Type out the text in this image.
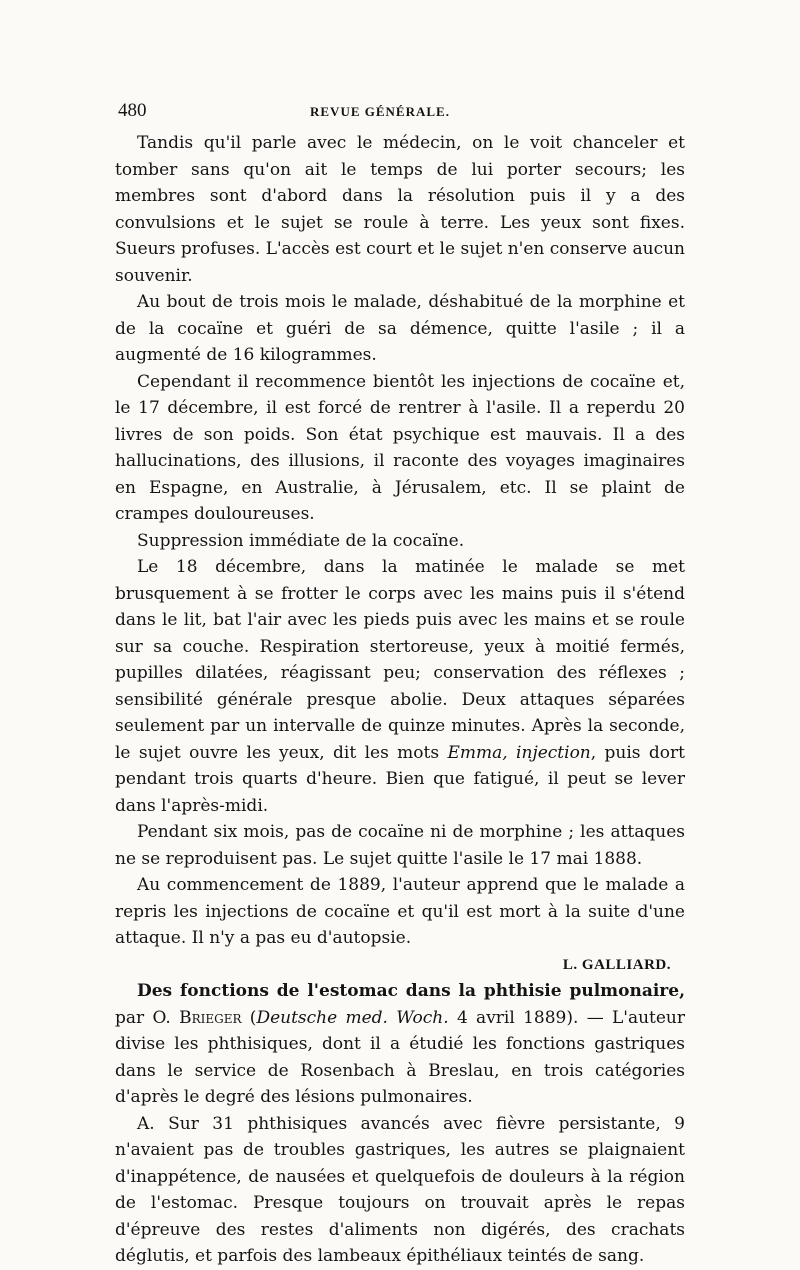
480	REVUE GÉNÉRALE.

Tandis qu'il parle avec le médecin, on le voit chanceler et tomber sans qu'on ait le temps de lui porter secours; les membres sont d'abord dans la résolution puis il y a des convulsions et le sujet se roule à terre. Les yeux sont fixes. Sueurs profuses. L'accès est court et le sujet n'en conserve aucun souvenir.

Au bout de trois mois le malade, déshabitué de la morphine et de la cocaïne et guéri de sa démence, quitte l'asile ; il a augmenté de 16 kilogrammes.

Cependant il recommence bientôt les injections de cocaïne et, le 17 décembre, il est forcé de rentrer à l'asile. Il a reperdu 20 livres de son poids. Son état psychique est mauvais. Il a des hallucinations, des illusions, il raconte des voyages imaginaires en Espagne, en Australie, à Jérusalem, etc. Il se plaint de crampes douloureuses.

Suppression immédiate de la cocaïne.

Le 18 décembre, dans la matinée le malade se met brusquement à se frotter le corps avec les mains puis il s'étend dans le lit, bat l'air avec les pieds puis avec les mains et se roule sur sa couche. Respiration stertoreuse, yeux à moitié fermés, pupilles dilatées, réagissant peu; conservation des réflexes ; sensibilité générale presque abolie. Deux attaques séparées seulement par un intervalle de quinze minutes. Après la seconde, le sujet ouvre les yeux, dit les mots Emma, injection, puis dort pendant trois quarts d'heure. Bien que fatigué, il peut se lever dans l'après-midi.

Pendant six mois, pas de cocaïne ni de morphine ; les attaques ne se reproduisent pas. Le sujet quitte l'asile le 17 mai 1888.

Au commencement de 1889, l'auteur apprend que le malade a repris les injections de cocaïne et qu'il est mort à la suite d'une attaque. Il n'y a pas eu d'autopsie.

L. GALLIARD.

Des fonctions de l'estomac dans la phthisie pulmonaire, par O. Brieger (Deutsche med. Woch. 4 avril 1889). — L'auteur divise les phthisiques, dont il a étudié les fonctions gastriques dans le service de Rosenbach à Breslau, en trois catégories d'après le degré des lésions pulmonaires.

A. Sur 31 phthisiques avancés avec fièvre persistante, 9 n'avaient pas de troubles gastriques, les autres se plaignaient d'inappétence, de nausées et quelquefois de douleurs à la région de l'estomac. Presque toujours on trouvait après le repas d'épreuve des restes d'aliments non digérés, des crachats déglutis, et parfois des lambeaux épithéliaux teintés de sang.
